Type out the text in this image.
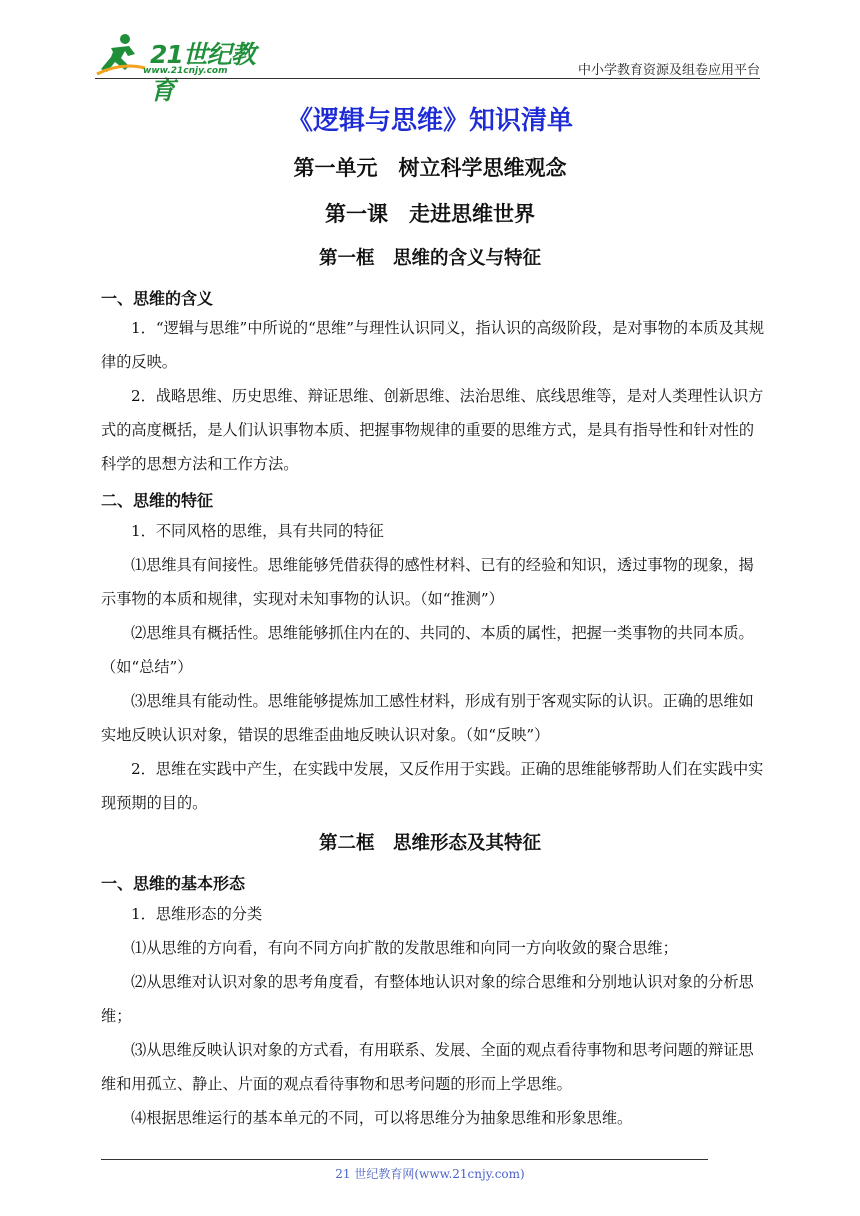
21世纪教育
www.21cnjy.com	中小学教育资源及组卷应用平台
《逻辑与思维》知识清单
第一单元　树立科学思维观念
第一课　走进思维世界
第一框　思维的含义与特征
一、思维的含义
1．“逻辑与思维”中所说的“思维”与理性认识同义，指认识的高级阶段，是对事物的本质及其规律的反映。
2．战略思维、历史思维、辩证思维、创新思维、法治思维、底线思维等，是对人类理性认识方式的高度概括，是人们认识事物本质、把握事物规律的重要的思维方式，是具有指导性和针对性的科学的思想方法和工作方法。
二、思维的特征
1．不同风格的思维，具有共同的特征
⑴思维具有间接性。思维能够凭借获得的感性材料、已有的经验和知识，透过事物的现象，揭示事物的本质和规律，实现对未知事物的认识。（如“推测”）
⑵思维具有概括性。思维能够抓住内在的、共同的、本质的属性，把握一类事物的共同本质。（如“总结”）
⑶思维具有能动性。思维能够提炼加工感性材料，形成有别于客观实际的认识。正确的思维如实地反映认识对象，错误的思维歪曲地反映认识对象。（如“反映”）
2．思维在实践中产生，在实践中发展，又反作用于实践。正确的思维能够帮助人们在实践中实现预期的目的。
第二框　思维形态及其特征
一、思维的基本形态
1．思维形态的分类
⑴从思维的方向看，有向不同方向扩散的发散思维和向同一方向收敛的聚合思维；
⑵从思维对认识对象的思考角度看，有整体地认识对象的综合思维和分别地认识对象的分析思维；
⑶从思维反映认识对象的方式看，有用联系、发展、全面的观点看待事物和思考问题的辩证思维和用孤立、静止、片面的观点看待事物和思考问题的形而上学思维。
⑷根据思维运行的基本单元的不同，可以将思维分为抽象思维和形象思维。
21 世纪教育网(www.21cnjy.com)
